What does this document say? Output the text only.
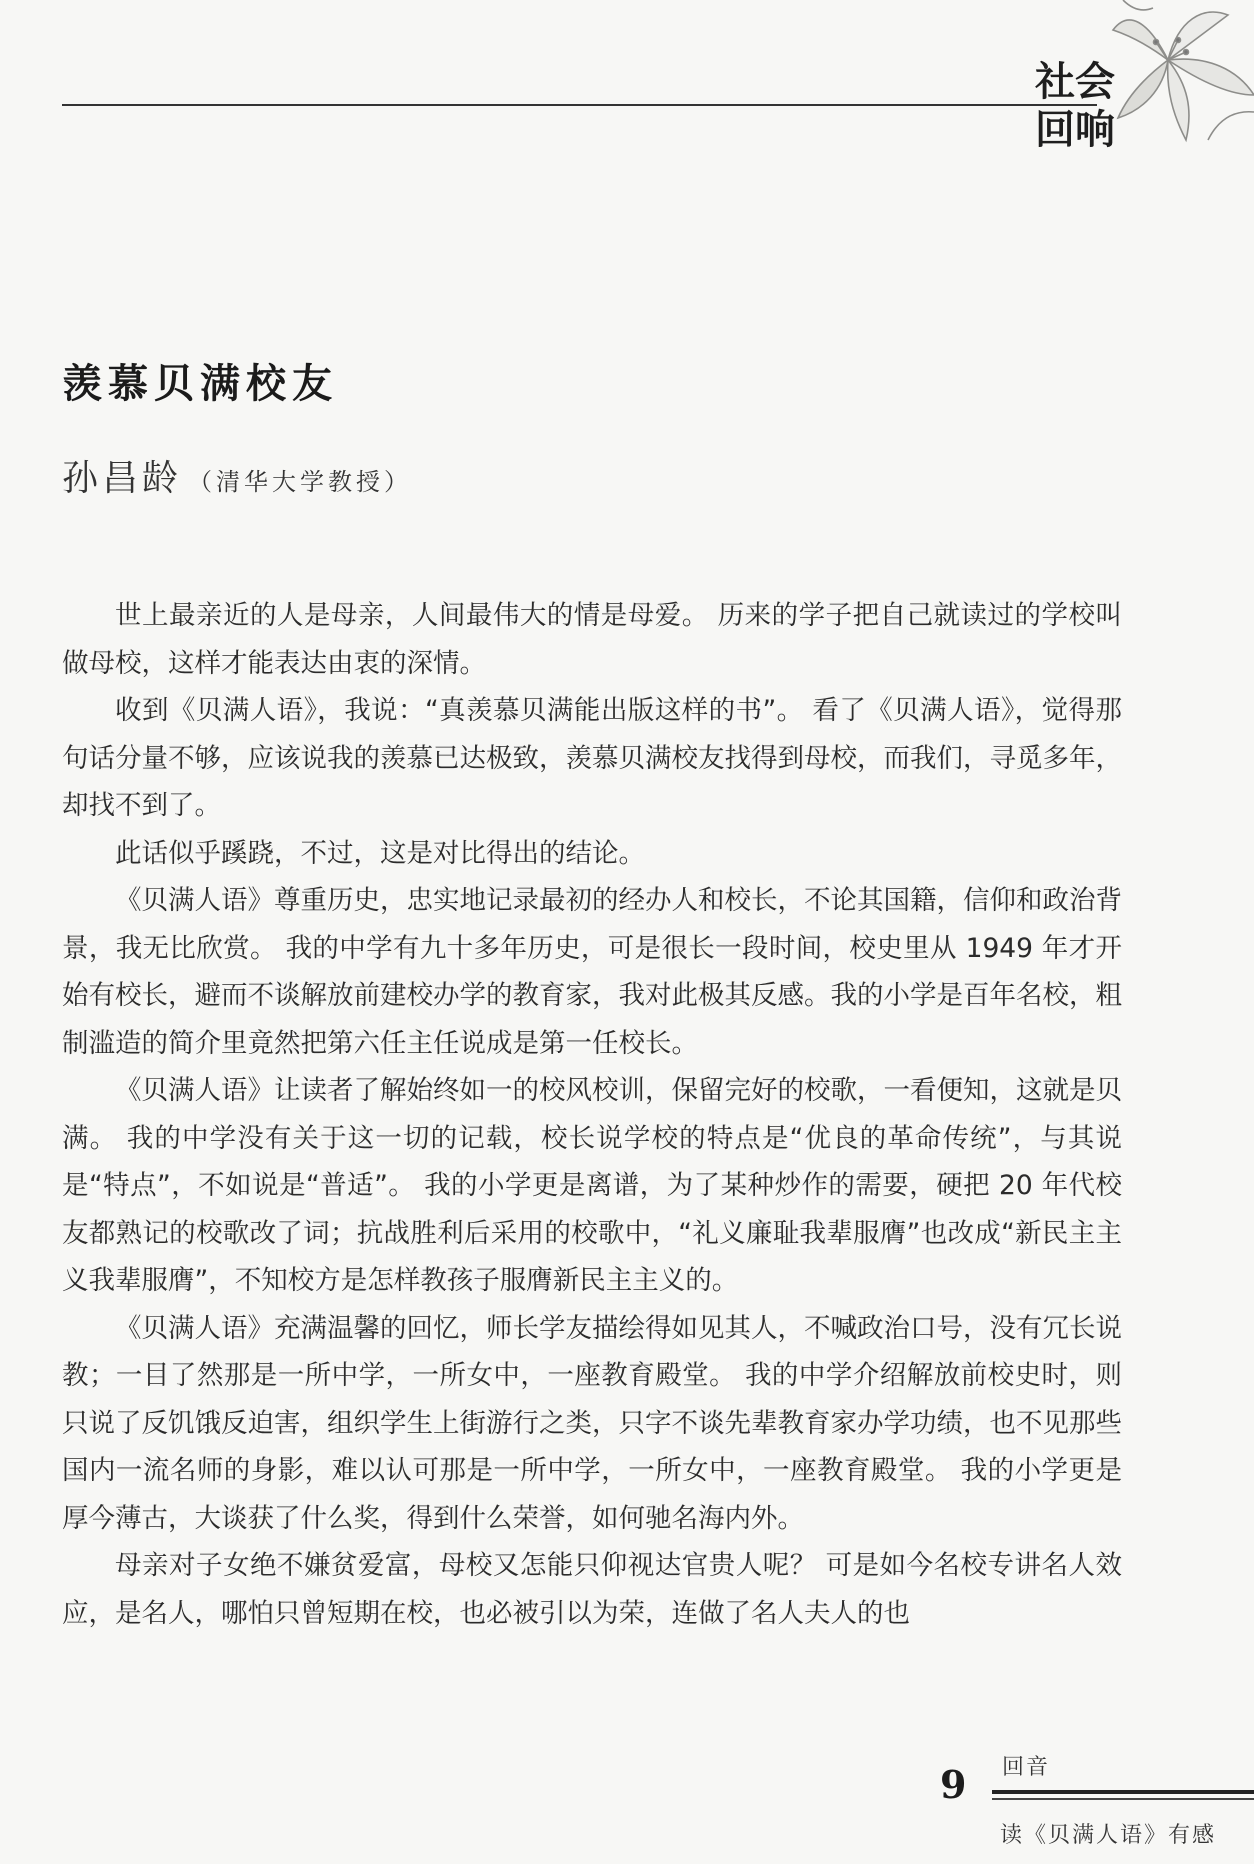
社会
回响
羡慕贝满校友
孙昌龄 （清华大学教授）

世上最亲近的人是母亲，人间最伟大的情是母爱。 历来的学子把自己就读过的学校叫做母校，这样才能表达由衷的深情。

收到《贝满人语》，我说：“真羡慕贝满能出版这样的书”。 看了《贝满人语》，觉得那句话分量不够，应该说我的羡慕已达极致，羡慕贝满校友找得到母校，而我们，寻觅多年，却找不到了。

此话似乎蹊跷，不过，这是对比得出的结论。

《贝满人语》尊重历史，忠实地记录最初的经办人和校长，不论其国籍，信仰和政治背景，我无比欣赏。 我的中学有九十多年历史，可是很长一段时间，校史里从 1949 年才开始有校长，避而不谈解放前建校办学的教育家，我对此极其反感。我的小学是百年名校，粗制滥造的简介里竟然把第六任主任说成是第一任校长。

《贝满人语》让读者了解始终如一的校风校训，保留完好的校歌，一看便知，这就是贝满。 我的中学没有关于这一切的记载，校长说学校的特点是“优良的革命传统”，与其说是“特点”，不如说是“普适”。 我的小学更是离谱，为了某种炒作的需要，硬把 20 年代校友都熟记的校歌改了词；抗战胜利后采用的校歌中，“礼义廉耻我辈服膺”也改成“新民主主义我辈服膺”，不知校方是怎样教孩子服膺新民主主义的。

《贝满人语》充满温馨的回忆，师长学友描绘得如见其人，不喊政治口号，没有冗长说教；一目了然那是一所中学，一所女中，一座教育殿堂。 我的中学介绍解放前校史时，则只说了反饥饿反迫害，组织学生上街游行之类，只字不谈先辈教育家办学功绩，也不见那些国内一流名师的身影，难以认可那是一所中学，一所女中，一座教育殿堂。 我的小学更是厚今薄古，大谈获了什么奖，得到什么荣誉，如何驰名海内外。

母亲对子女绝不嫌贫爱富，母校又怎能只仰视达官贵人呢？ 可是如今名校专讲名人效应，是名人，哪怕只曾短期在校，也必被引以为荣，连做了名人夫人的也

9 回音
读《贝满人语》有感
